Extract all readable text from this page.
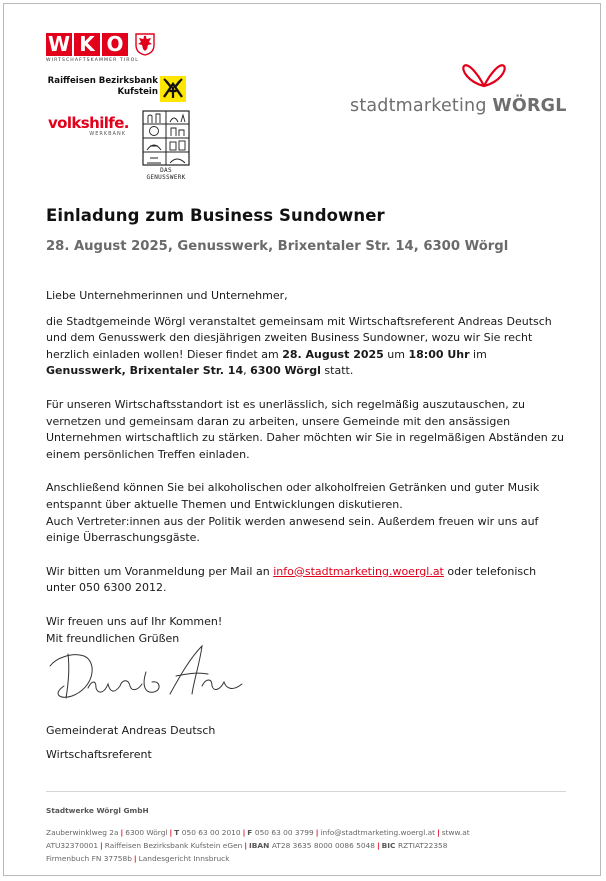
W K O
WIRTSCHAFTSKAMMER TIROL
Raiffeisen Bezirksbank
Kufstein
volkshilfe.
WERKBANK
DAS
GENUSSWERK
stadtmarketing WÖRGL
Einladung zum Business Sundowner
28. August 2025, Genusswerk, Brixentaler Str. 14, 6300 Wörgl

Liebe Unternehmerinnen und Unternehmer,

die Stadtgemeinde Wörgl veranstaltet gemeinsam mit Wirtschaftsreferent Andreas Deutsch und dem Genusswerk den diesjährigen zweiten Business Sundowner, wozu wir Sie recht herzlich einladen wollen! Dieser findet am 28. August 2025 um 18:00 Uhr im Genusswerk, Brixentaler Str. 14, 6300 Wörgl statt.

Für unseren Wirtschaftsstandort ist es unerlässlich, sich regelmäßig auszutauschen, zu vernetzen und gemeinsam daran zu arbeiten, unsere Gemeinde mit den ansässigen Unternehmen wirtschaftlich zu stärken. Daher möchten wir Sie in regelmäßigen Abständen zu einem persönlichen Treffen einladen.

Anschließend können Sie bei alkoholischen oder alkoholfreien Getränken und guter Musik entspannt über aktuelle Themen und Entwicklungen diskutieren.

Auch Vertreter:innen aus der Politik werden anwesend sein. Außerdem freuen wir uns auf einige Überraschungsgäste.

Wir bitten um Voranmeldung per Mail an info@stadtmarketing.woergl.at oder telefonisch unter 050 6300 2012.

Wir freuen uns auf Ihr Kommen!

Mit freundlichen Grüßen

Gemeinderat Andreas Deutsch
Wirtschaftsreferent
Stadtwerke Wörgl GmbH
Zauberwinklweg 2a | 6300 Wörgl | T 050 63 00 2010 | F 050 63 00 3799 | info@stadtmarketing.woergl.at | stww.at
ATU32370001 | Raiffeisen Bezirksbank Kufstein eGen | IBAN AT28 3635 8000 0086 5048 | BIC RZTIAT22358
Firmenbuch FN 37758b | Landesgericht Innsbruck
